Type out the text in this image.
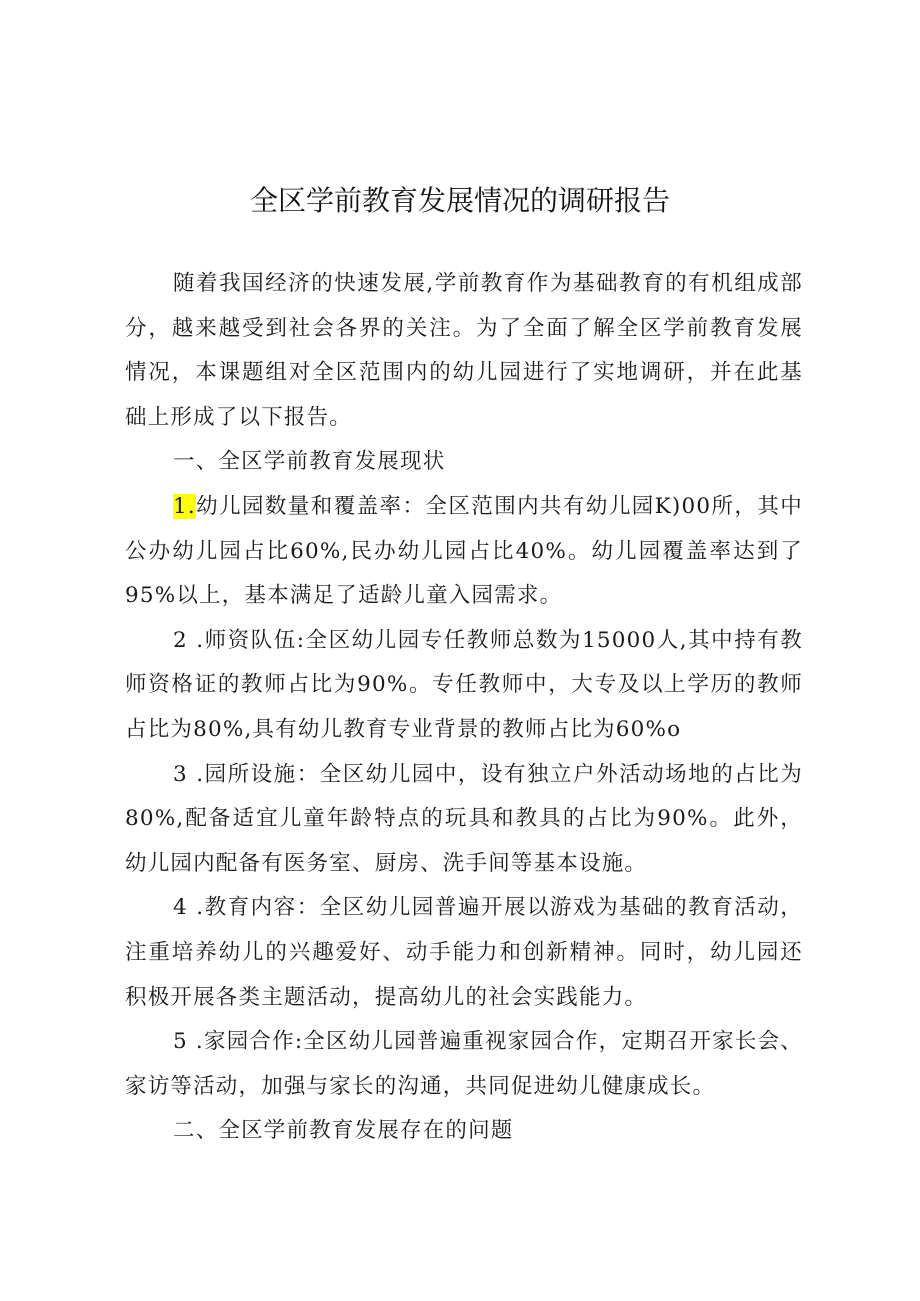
全区学前教育发展情况的调研报告

随着我国经济的快速发展,学前教育作为基础教育的有机组成部分，越来越受到社会各界的关注。为了全面了解全区学前教育发展情况，本课题组对全区范围内的幼儿园进行了实地调研，并在此基础上形成了以下报告。

一、全区学前教育发展现状

1.幼儿园数量和覆盖率：全区范围内共有幼儿园K)00所，其中公办幼儿园占比60%,民办幼儿园占比40%。幼儿园覆盖率达到了95%以上，基本满足了适龄儿童入园需求。

2 .师资队伍:全区幼儿园专任教师总数为15000人,其中持有教师资格证的教师占比为90%。专任教师中，大专及以上学历的教师占比为80%,具有幼儿教育专业背景的教师占比为60%o

3 .园所设施：全区幼儿园中，设有独立户外活动场地的占比为80%,配备适宜儿童年龄特点的玩具和教具的占比为90%。此外，幼儿园内配备有医务室、厨房、洗手间等基本设施。

4 .教育内容：全区幼儿园普遍开展以游戏为基础的教育活动，注重培养幼儿的兴趣爱好、动手能力和创新精神。同时，幼儿园还积极开展各类主题活动，提高幼儿的社会实践能力。

5 .家园合作:全区幼儿园普遍重视家园合作，定期召开家长会、家访等活动，加强与家长的沟通，共同促进幼儿健康成长。

二、全区学前教育发展存在的问题
